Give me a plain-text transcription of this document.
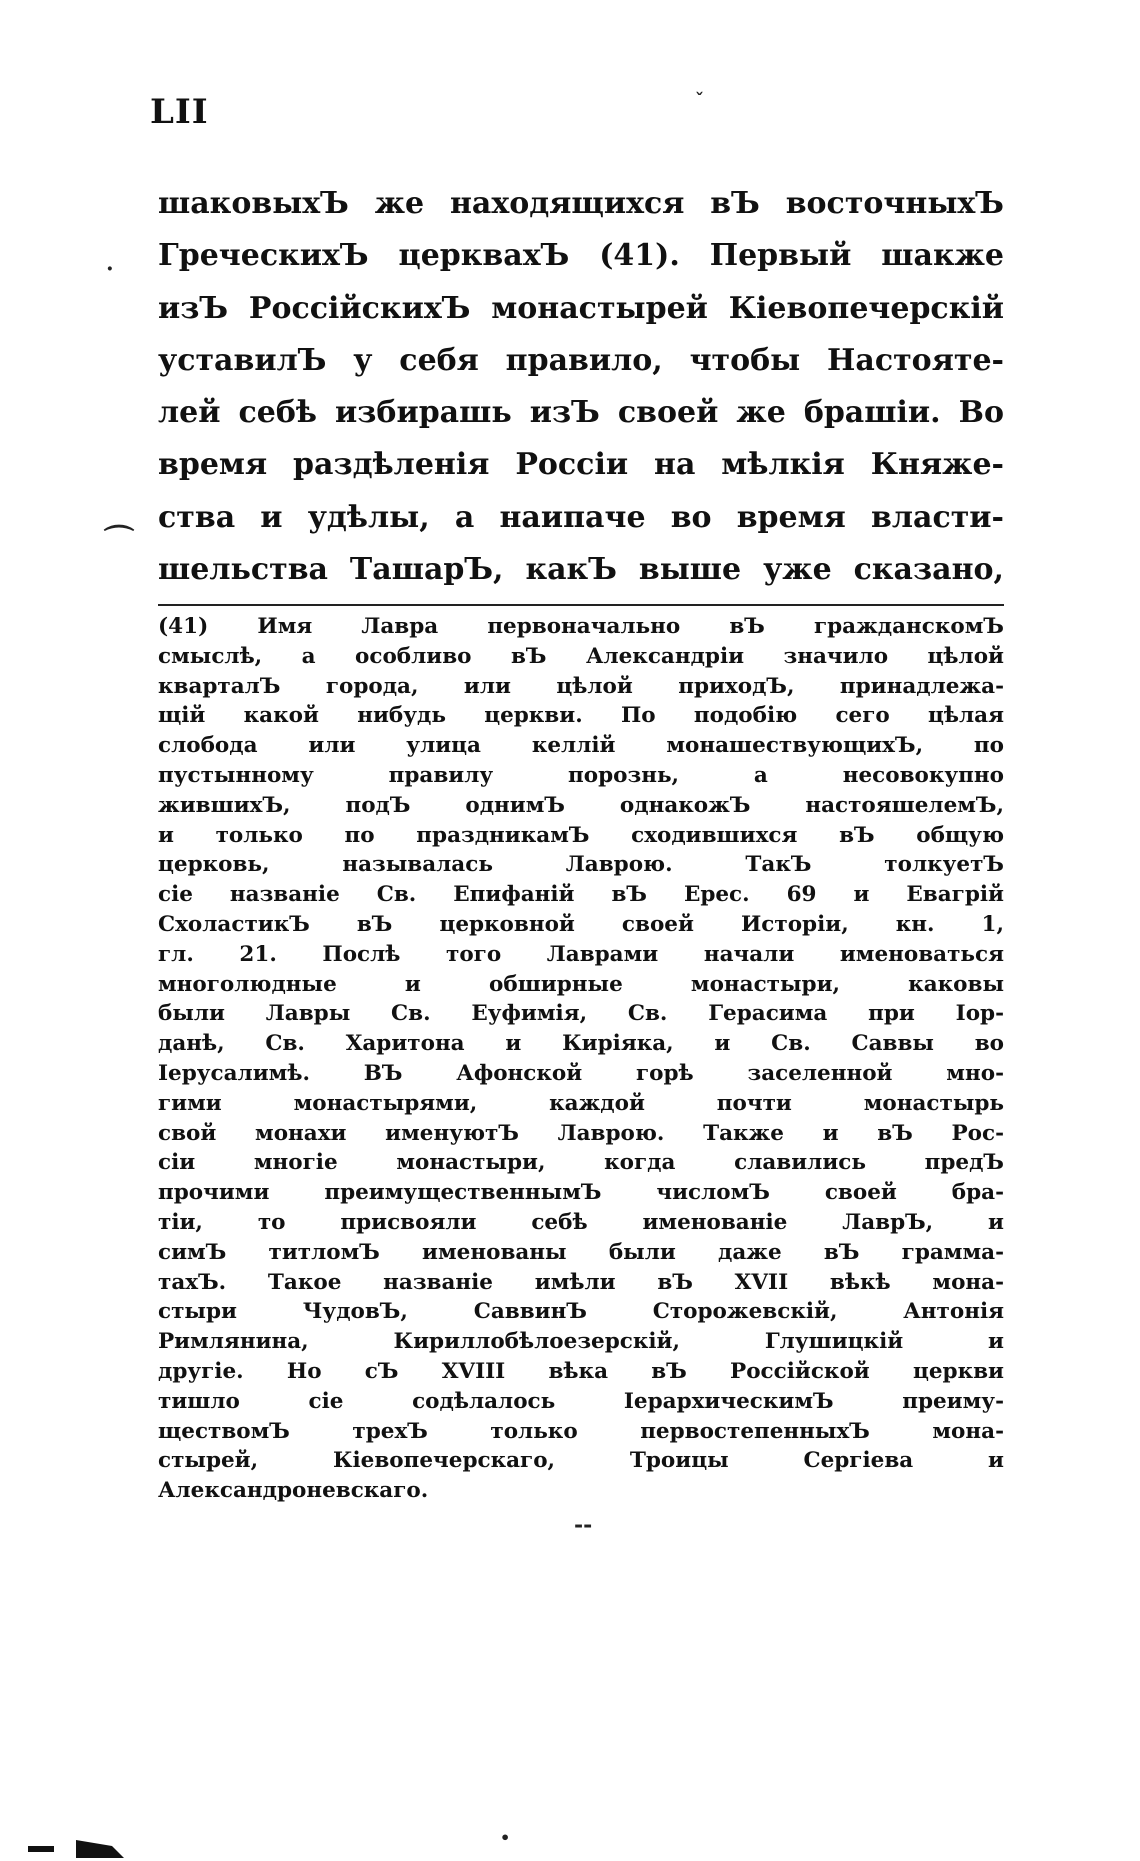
LII
шаковыхЪ же находящихся вЪ восточныхЪ
ГреческихЪ церквахЪ (41). Первый шакже
изЪ РоссійскихЪ монастырей Кіевопечерскій
устaвилЪ у себя правило, чтобы Настояте-
лей себѣ избирашь изЪ своей же брашіи. Во
время раздѣленія Россіи на мѣлкія Княже-
ства и удѣлы, а наипаче во время власти-
шельства ТашарЪ, какЪ выше уже сказано,
(41) Имя Лавра первоначально вЪ гражданскомЪ
смыслѣ, а особливо вЪ Александріи значило цѣлой
кварталЪ города, или цѣлой приходЪ, принадлежа-
щій какой нибудь церкви. По подобію сего цѣлая
слобода или улица келлій монашествующихЪ, по
пустынному правилу порознь, а несовокупно
жившихЪ, подЪ однимЪ однакожЪ настояшелемЪ,
и только по праздникамЪ сходившихся вЪ общую
церковь, называлась Лаврою. ТакЪ толкуетЪ
сіе названіе Св. Епифаній вЪ Ерес. 69 и Евагрій
СхоластикЪ вЪ церковной своей Исторіи, кн. 1,
гл. 21. Послѣ того Лаврами начали именоваться
многолюдные и обширные монастыри, каковы
были Лавры Св. Еуфимія, Св. Герасима при Іор-
данѣ, Св. Харитона и Киріяка, и Св. Саввы во
Іерусалимѣ. ВЪ Афонской горѣ заселенной мно-
гими монастырями, каждой почти монастырь
свой монахи именуютЪ Лаврою. Также и вЪ Рос-
сіи многіе монастыри, когда славились предЪ
прочими преимущественнымЪ числомЪ своей бра-
тіи, то присвояли себѣ именованіе ЛаврЪ, и
симЪ титломЪ именованы были даже вЪ грамма-
тахЪ. Такое названіе имѣли вЪ XVII вѣкѣ мона-
стыри ЧудовЪ, СаввинЪ Сторожевскій, Антонія
Римлянина, Кириллобѣлоезерскій, Глушицкій и
другіе. Но сЪ XVIII вѣка вЪ Россійской церкви
тишло сіе содѣлалось ІерархическимЪ преиму-
ществомЪ трехЪ только первостепенныхЪ мона-
стырей, Кіевопечерскаго, Троицы Сергіева и
Александроневскаго.
ˇ
·
⌒
--
•
